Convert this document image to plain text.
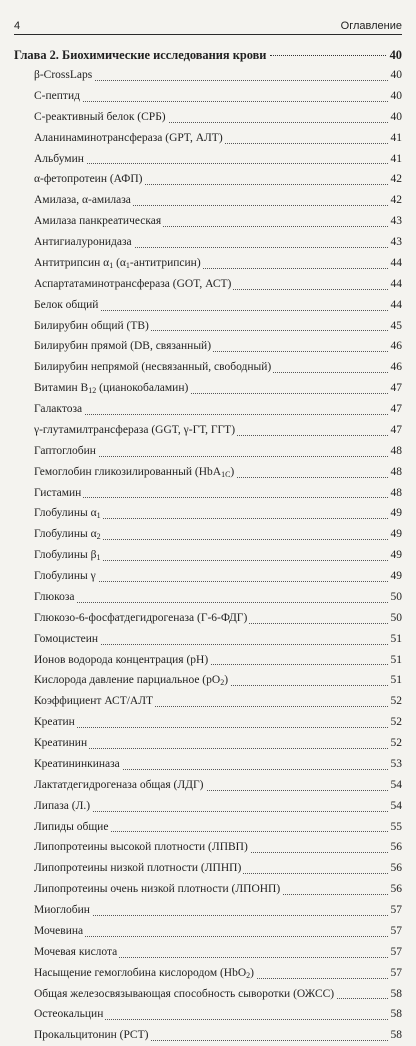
4	Оглавление
Глава 2. Биохимические исследования крови	40
β-CrossLaps	40
С-пептид	40
С-реактивный белок (СРБ)	40
Аланинаминотрансфераза (GPT, АЛТ)	41
Альбумин	41
α-фетопротеин (АФП)	42
Амилаза, α-амилаза	42
Амилаза панкреатическая	43
Антигиалуронидаза	43
Антитрипсин $\alpha_1$ $(\alpha_1-антитрипсин)$	44
Аспартатаминотрансфераза (GOT, АСТ)	44
Белок общий	44
Билирубин общий (ТВ)	45
Билирубин прямой (DB, связанный)	46
Билирубин непрямой (несвязанный, свободный)	46
Витамин $B_{12}$ (цианокобаламин)	47
Галактоза	47
γ-глутамилтрансфераза (GGT, γ-ГТ, ГГТ)	47
Гаптоглобин	48
Гемоглобин гликозилированный (HbA$_{1C}$)	48
Гистамин	48
Глобулины $\alpha_1$	49
Глобулины $\alpha_2$	49
Глобулины $\beta_1$	49
Глобулины γ	49
Глюкоза	50
Глюкозо-6-фосфатдегидрогеназа (Г-6-ФДГ)	50
Гомоцистеин	51
Ионов водорода концентрация (pH)	51
Кислорода давление парциальное $(pO_2)$	51
Коэффициент АСТ/АЛТ	52
Креатин	52
Креатинин	52
Креатининкиназа	53
Лактатдегидрогеназа общая (ЛДГ)	54
Липаза (Л.)	54
Липиды общие	55
Липопротеины высокой плотности (ЛПВП)	56
Липопротеины низкой плотности (ЛПНП)	56
Липопротеины очень низкой плотности (ЛПОНП)	56
Миоглобин	57
Мочевина	57
Мочевая кислота	57
Насыщение гемоглобина кислородом (HbO$_2$)	57
Общая железосвязывающая способность сыворотки (ОЖСС)	58
Остеокальцин	58
Прокальцитонин (PCT)	58
